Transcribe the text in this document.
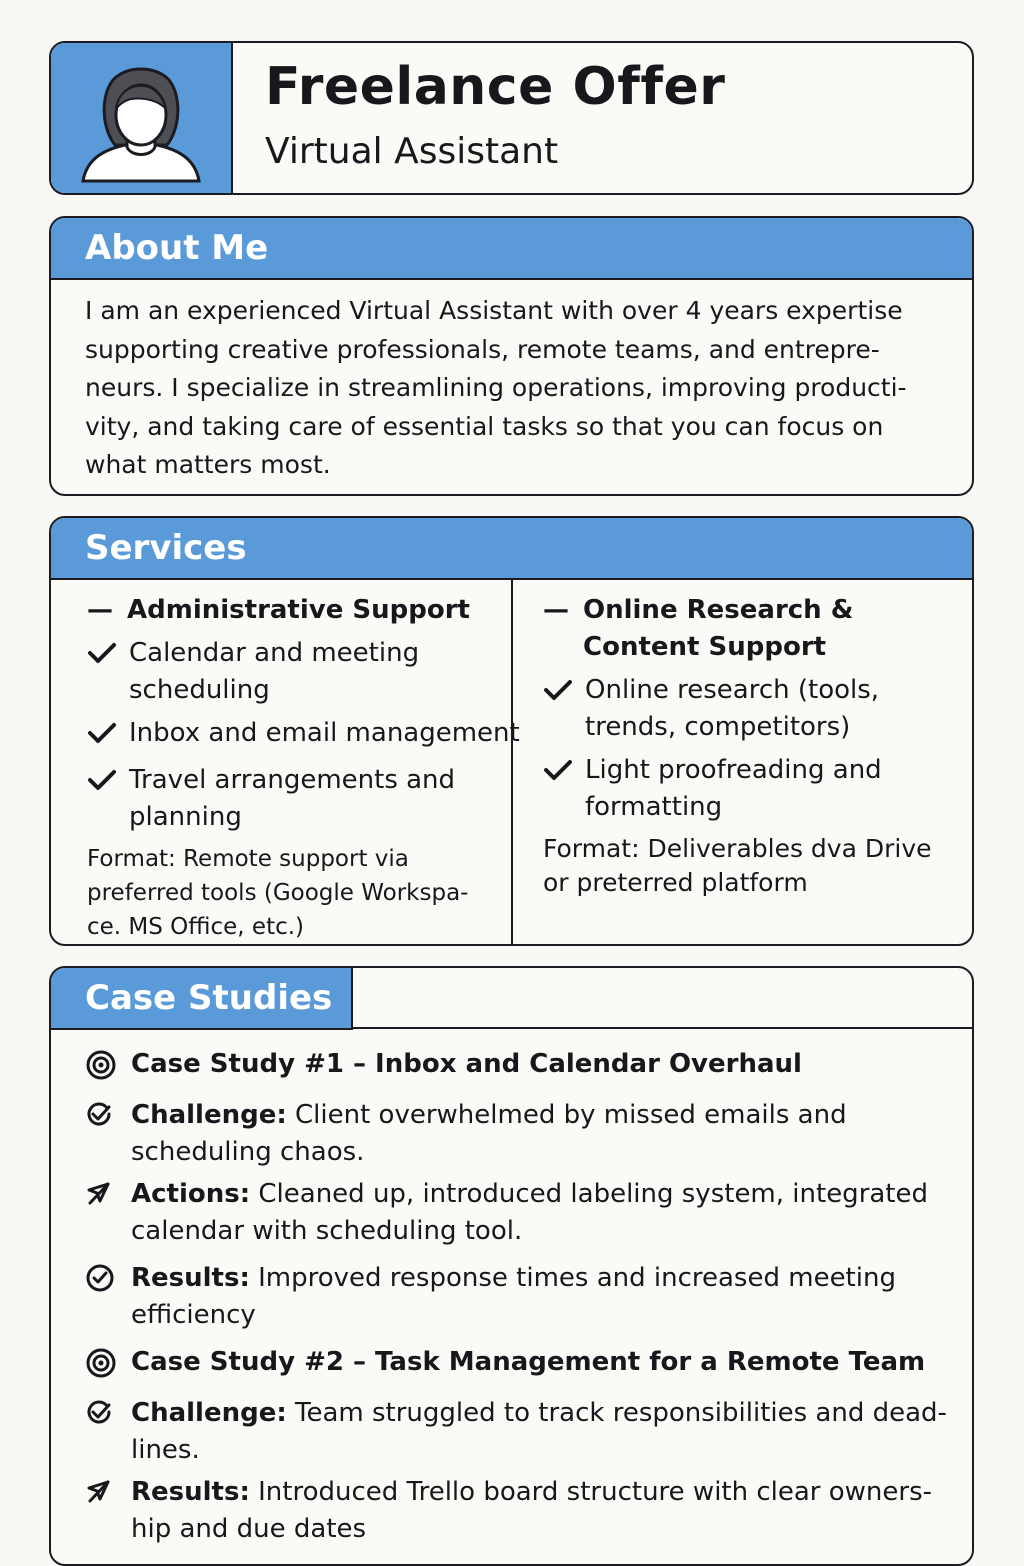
Freelance Offer
Virtual Assistant
About Me
I am an experienced Virtual Assistant with over 4 years expertise supporting creative professionals, remote teams, and entrepre-neurs. I specialize in streamlining operations, improving producti-vity, and taking care of essential tasks so that you can focus on what matters most.
Services
— Administrative Support
Calendar and meeting scheduling
Inbox and email management
Travel arrangements and planning
Format: Remote support via preferred tools (Google Workspa-ce. MS Office, etc.)
— Online Research & Content Support
Online research (tools, trends, competitors)
Light proofreading and formatting
Format: Deliverables dva Drive or preterred platform
Case Studies
Case Study #1 – Inbox and Calendar Overhaul
Challenge: Client overwhelmed by missed emails and scheduling chaos.
Actions: Cleaned up, introduced labeling system, integrated calendar with scheduling tool.
Results: Improved response times and increased meeting efficiency
Case Study #2 – Task Management for a Remote Team
Challenge: Team struggled to track responsibilities and dead-lines.
Results: Introduced Trello board structure with clear owners-hip and due dates
